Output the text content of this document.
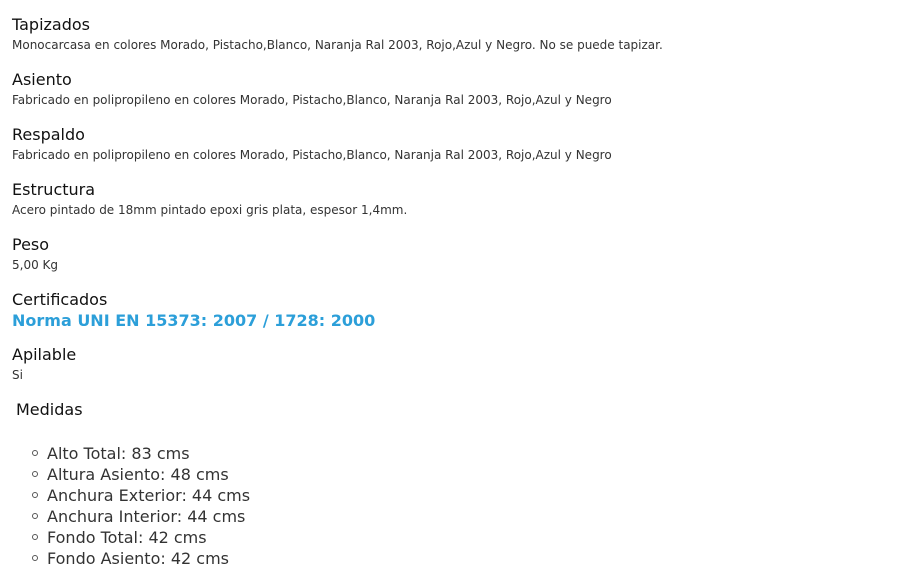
Tapizados
Monocarcasa en colores Morado, Pistacho,Blanco, Naranja Ral 2003, Rojo,Azul y Negro. No se puede tapizar.
Asiento
Fabricado en polipropileno en colores Morado, Pistacho,Blanco, Naranja Ral 2003, Rojo,Azul y Negro
Respaldo
Fabricado en polipropileno en colores Morado, Pistacho,Blanco, Naranja Ral 2003, Rojo,Azul y Negro
Estructura
Acero pintado de 18mm pintado epoxi gris plata, espesor 1,4mm.
Peso
5,00 Kg
Certificados
Norma UNI EN 15373: 2007 / 1728: 2000
Apilable
Si
Medidas
Alto Total: 83 cms
Altura Asiento: 48 cms
Anchura Exterior: 44 cms
Anchura Interior: 44 cms
Fondo Total: 42 cms
Fondo Asiento: 42 cms
